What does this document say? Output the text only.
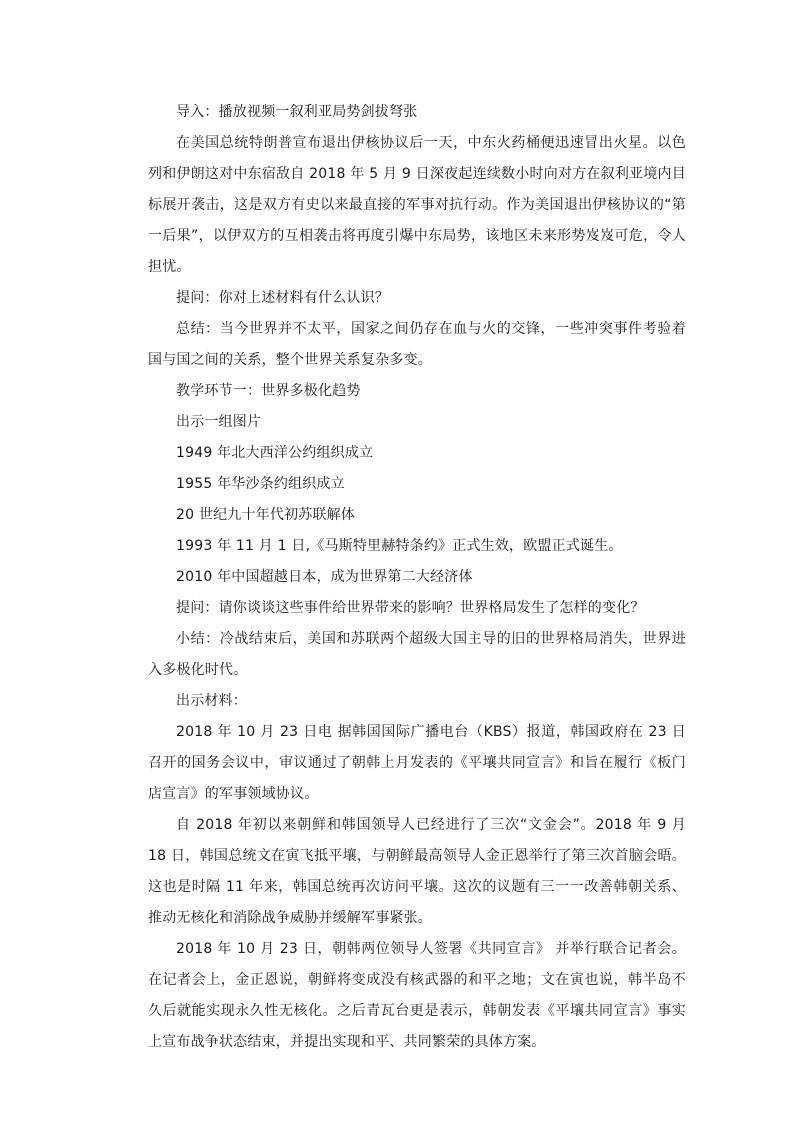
导入：播放视频一叙利亚局势剑拔弩张

在美国总统特朗普宣布退出伊核协议后一天，中东火药桶便迅速冒出火星。以色列和伊朗这对中东宿敌自 2018 年 5 月 9 日深夜起连续数小时向对方在叙利亚境内目标展开袭击，这是双方有史以来最直接的军事对抗行动。作为美国退出伊核协议的“第一后果”，以伊双方的互相袭击将再度引爆中东局势，该地区未来形势岌岌可危，令人担忧。

提问：你对上述材料有什么认识？

总结：当今世界并不太平，国家之间仍存在血与火的交锋，一些冲突事件考验着国与国之间的关系，整个世界关系复杂多变。

教学环节一：世界多极化趋势

出示一组图片

1949 年北大西洋公约组织成立

1955 年华沙条约组织成立

20 世纪九十年代初苏联解体

1993 年 11 月 1 日,《马斯特里赫特条约》正式生效，欧盟正式诞生。

2010 年中国超越日本，成为世界第二大经济体

提问：请你谈谈这些事件给世界带来的影响？世界格局发生了怎样的变化？

小结：冷战结束后，美国和苏联两个超级大国主导的旧的世界格局消失，世界进入多极化时代。

出示材料：

2018 年 10 月 23 日电 据韩国国际广播电台（KBS）报道，韩国政府在 23 日召开的国务会议中，审议通过了朝韩上月发表的《平壤共同宣言》和旨在履行《板门店宣言》的军事领域协议。

自 2018 年初以来朝鲜和韩国领导人已经进行了三次“文金会”。2018 年 9 月 18 日，韩国总统文在寅飞抵平壤，与朝鲜最高领导人金正恩举行了第三次首脑会晤。这也是时隔 11 年来，韩国总统再次访问平壤。这次的议题有三一一改善韩朝关系、推动无核化和消除战争威胁并缓解军事紧张。

2018 年 10 月 23 日，朝韩两位领导人签署《共同宣言》 并举行联合记者会。在记者会上，金正恩说，朝鲜将变成没有核武器的和平之地；文在寅也说，韩半岛不久后就能实现永久性无核化。之后青瓦台更是表示，韩朝发表《平壤共同宣言》事实上宣布战争状态结束，并提出实现和平、共同繁荣的具体方案。
